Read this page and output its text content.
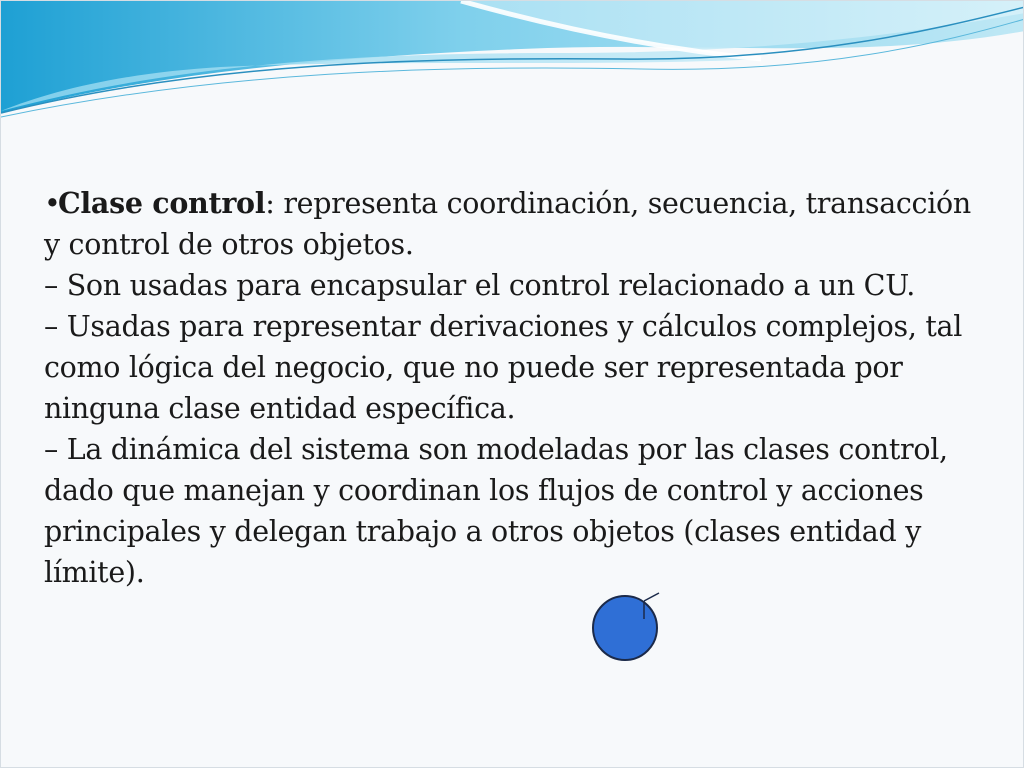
•Clase control: representa coordinación, secuencia, transacción y control de otros objetos.

– Son usadas para encapsular el control relacionado a un CU.

– Usadas para representar derivaciones y cálculos complejos, tal como lógica del negocio, que no puede ser representada por ninguna clase entidad específica.

– La dinámica del sistema son modeladas por las clases control, dado que manejan y coordinan los flujos de control y acciones principales y delegan trabajo a otros objetos (clases entidad y límite).
